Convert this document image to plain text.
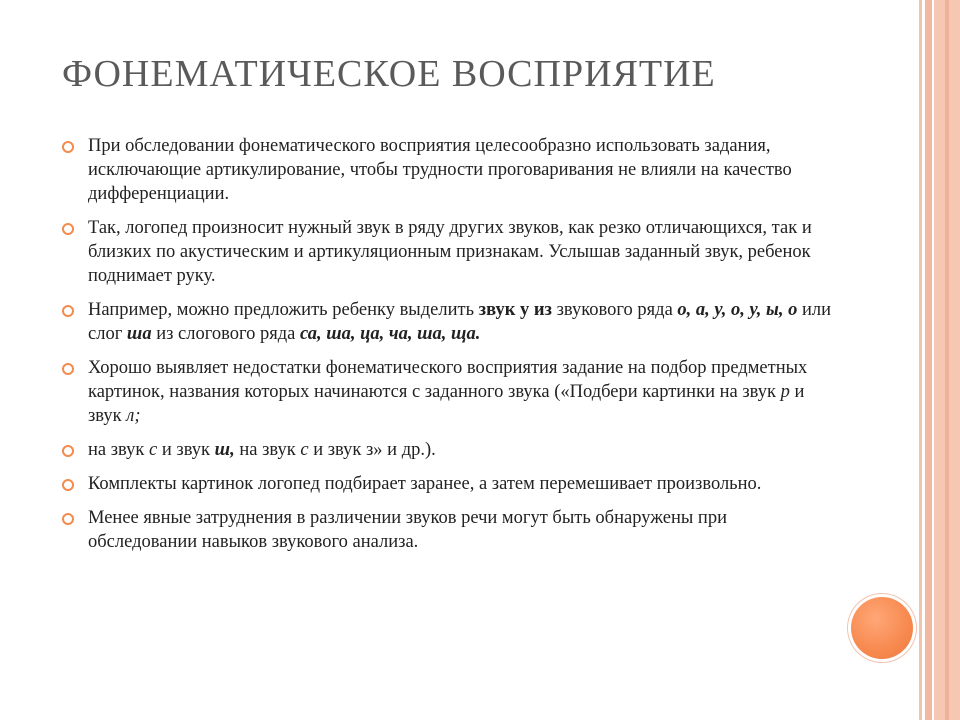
ФОНЕМАТИЧЕСКОЕ ВОСПРИЯТИЕ
При обследовании фонематического восприятия целесообразно использовать задания, исключающие артикулирование, чтобы трудности проговаривания не влияли на качество дифференциации.
Так, логопед произносит нужный звук в ряду других звуков, как резко отличающихся, так и близких по акустическим и артикуляционным признакам. Услышав заданный звук, ребенок поднимает руку.
Например, можно предложить ребенку выделить звук у из звукового ряда о, а, у, о, у, ы, о или слог ша из слогового ряда са, ша, ца, ча, ша, ща.
Хорошо выявляет недостатки фонематического восприятия задание на подбор предметных картинок, названия которых начинаются с заданного звука («Подбери картинки на звук р и звук л;
на звук с и звук ш, на звук с и звук з» и др.).
Комплекты картинок логопед подбирает заранее, а затем перемешивает произвольно.
Менее явные затруднения в различении звуков речи могут быть обнаружены при обследовании навыков звукового анализа.
